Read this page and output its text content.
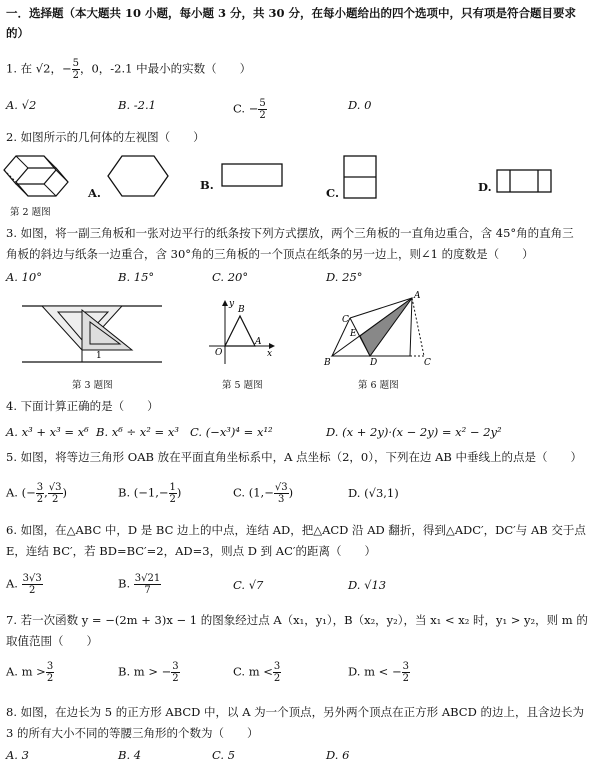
一．选择题（本大题共 10 小题，每小题 3 分，共 30 分，在每小题给出的四个选项中，只有项是符合题目要求
的）
1. 在 √2，− $\frac{5}{2}$ ，0，-2.1 中最小的实数（　　）
A. √2	B. -2.1	C. − $\frac{5}{2}$	D. 0
2. 如图所示的几何体的左视图（　　）
第 2 题图
A.
B.
C.	D.
3. 如图，将一副三角板和一张对边平行的纸条按下列方式摆放，两个三角板的一直角边重合，含 45°角的直角三
角板的斜边与纸条一边重合，含 30°角的三角板的一个顶点在纸条的另一边上，则∠1 的度数是（　　）
A. 10°	B. 15°	C. 20°	D. 25°
1
第 3 题图
y
B
O
A
x
第 5 题图
C
E
B	D
A
C
第 6 题图
4. 下面计算正确的是（　　）
A. x³ + x³ = x⁶ B. x⁶ ÷ x² = x³ C. (−x³)⁴ = x¹²	D. (x + 2y)·(x − 2y) = x² − 2y²
5. 如图，将等边三角形 OAB 放在平面直角坐标系中，A 点坐标（2，0），下列在边 AB 中垂线上的点是（　　）
A. (− $\frac{3}{2}$ , $\frac{√3}{2}$ )	B. ($-1,- \frac{1}{2}$ )	C. ($1,- \frac{√3}{3}$ )	D. (√3,1)
6. 如图，在△ABC 中，D 是 BC 边上的中点，连结 AD，把△ACD 沿 AD 翻折，得到△ADC′，DC′与 AB 交于点
E，连结 BC′，若 BD=BC′=2，AD=3，则点 D 到 AC′的距离（　　）
A. $\frac{3√3}{2}$	B. $\frac{3√21}{7}$	C. √7	D. √13
7. 若一次函数 y = −(2m + 3)x − 1 的图象经过点 A（x₁，y₁），B（x₂，y₂），当 x₁ < x₂ 时，y₁ > y₂，则 m 的
取值范围（　　）
A. $m > \frac{3}{2}$	B. m > − $\frac{3}{2}$	C. $m < \frac{3}{2}$	D. m < − $\frac{3}{2}$
8. 如图，在边长为 5 的正方形 ABCD 中，以 A 为一个顶点，另外两个顶点在正方形 ABCD 的边上，且含边长为
3 的所有大小不同的等腰三角形的个数为（　　）
A. 3	B. 4	C. 5	D. 6
